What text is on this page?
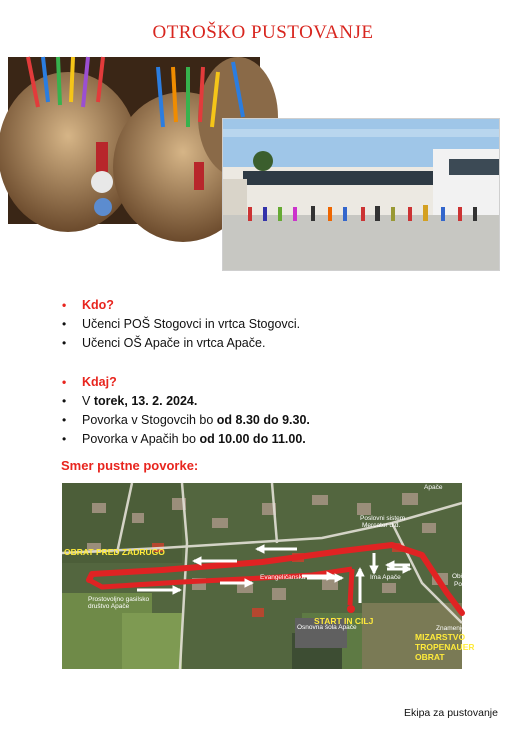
OTROŠKO PUSTOVANJE
• Kdo?
• Učenci POŠ Stogovci in vrtca Stogovci.
• Učenci OŠ Apače in vrtca Apače.
• Kdaj?
• V torek, 13. 2. 2024.
• Povorka v Stogovcih bo od 8.30 do 9.30.
• Povorka v Apačih bo od 10.00 do 11.00.
Smer pustne povorke:
Prostovoljno gasilsko
društvo Apače
Osnovna šola Apače
Evangeličanska
Poslovni sistem
Mercator d.d.
Ima Apače	Občina Apače
Pošta Apače
Apače
Znamenje
OBRAT PRED ZADRUGO
START IN CILJ
MIZARSTVO
TROPENAUER
OBRAT
Ekipa za pustovanje
